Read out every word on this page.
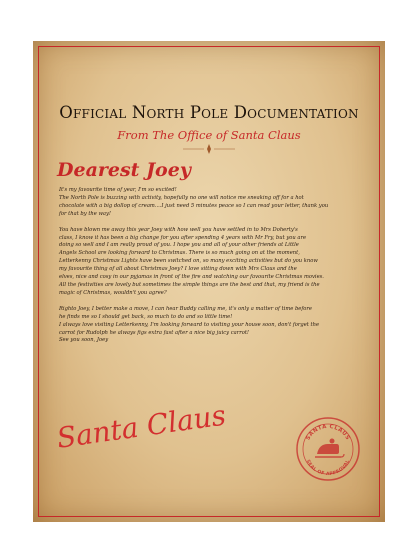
Official North Pole Documentation
From The Office of Santa Claus
Dearest Joey

It's my favourite time of year, I'm so excited!
The North Pole is buzzing with activity, hopefully no one will notice me sneaking off for a hot
chocolate with a big dollop of cream....I just need 5 minutes peace so I can read your letter, thank you
for that by the way!

You have blown me away this year Joey with how well you have settled in to Mrs Doherty's
class, I know it has been a big change for you after spending 4 years with Mr Fry, but you are
doing so well and I am really proud of you. I hope you and all of your other friends at Little
Angels School are looking forward to Christmas. There is so much going on at the moment,
Letterkenny Christmas Lights have been switched on, so many exciting activities but do you know
my favourite thing of all about Christmas Joey? I love sitting down with Mrs Claus and the
elves, nice and cosy in our pyjamas in front of the fire and watching our favourite Christmas movies.
All the festivities are lovely but sometimes the simple things are the best and that, my friend is the
magic of Christmas, wouldn't you agree?

Righto Joey, I better make a move, I can hear Buddy calling me, it's only a matter of time before
he finds me so I should get back, so much to do and so little time!
I always love visiting Letterkenny, I'm looking forward to visiting your house soon, don't forget the
carrot for Rudolph he always figs extra fast after a nice big juicy carrot!
See you soon, Joey

Santa Claus	SANTA CLAUS
SEAL OF APPROVAL
